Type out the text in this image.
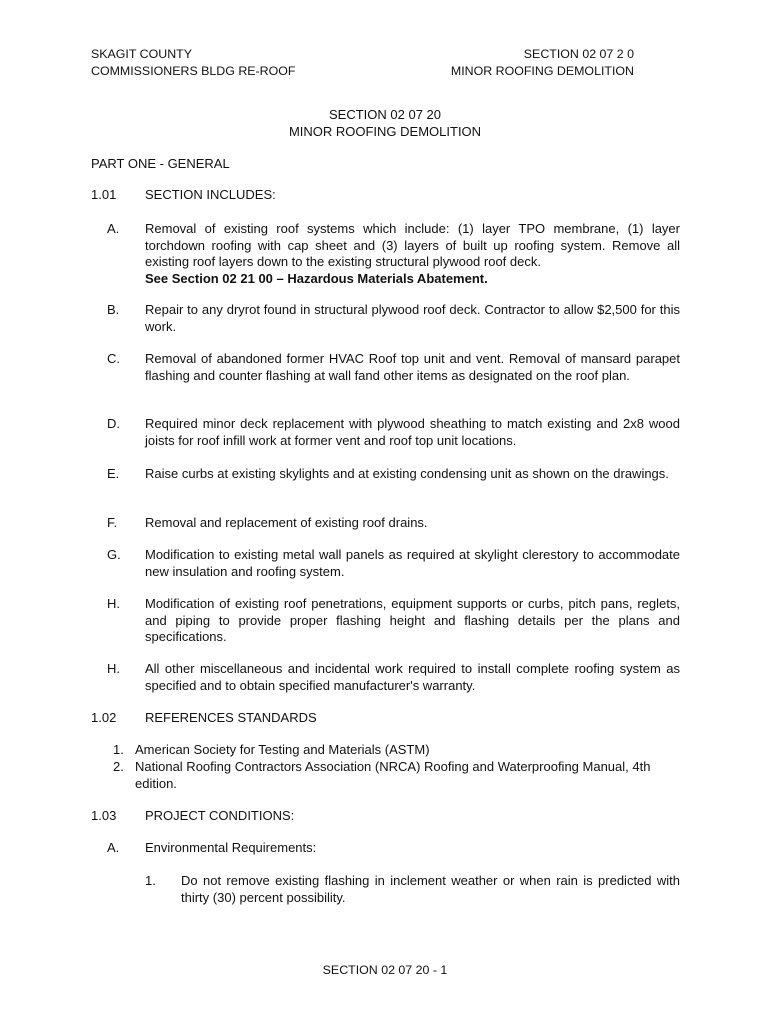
SKAGIT COUNTY
COMMISSIONERS BLDG RE-ROOF
SECTION 02 07 2 0
MINOR ROOFING DEMOLITION
SECTION 02 07 20
MINOR ROOFING DEMOLITION
PART ONE - GENERAL
1.01 SECTION INCLUDES:
A. Removal of existing roof systems which include: (1) layer TPO membrane, (1) layer torchdown roofing with cap sheet and (3) layers of built up roofing system. Remove all existing roof layers down to the existing structural plywood roof deck.

See Section 02 21 00 – Hazardous Materials Abatement.

B. Repair to any dryrot found in structural plywood roof deck. Contractor to allow $2,500 for this work.
C. Removal of abandoned former HVAC Roof top unit and vent. Removal of mansard parapet flashing and counter flashing at wall fand other items as designated on the roof plan.
D. Required minor deck replacement with plywood sheathing to match existing and 2x8 wood joists for roof infill work at former vent and roof top unit locations.
E. Raise curbs at existing skylights and at existing condensing unit as shown on the drawings.
F. Removal and replacement of existing roof drains.
G. Modification to existing metal wall panels as required at skylight clerestory to accommodate new insulation and roofing system.
H. Modification of existing roof penetrations, equipment supports or curbs, pitch pans, reglets, and piping to provide proper flashing height and flashing details per the plans and specifications.
H. All other miscellaneous and incidental work required to install complete roofing system as specified and to obtain specified manufacturer's warranty.
1.02 REFERENCES STANDARDS
1. American Society for Testing and Materials (ASTM)
2. National Roofing Contractors Association (NRCA) Roofing and Waterproofing Manual, 4th edition.
1.03 PROJECT CONDITIONS:
A. Environmental Requirements:
1. Do not remove existing flashing in inclement weather or when rain is predicted with thirty (30) percent possibility.
SECTION 02 07 20 - 1
